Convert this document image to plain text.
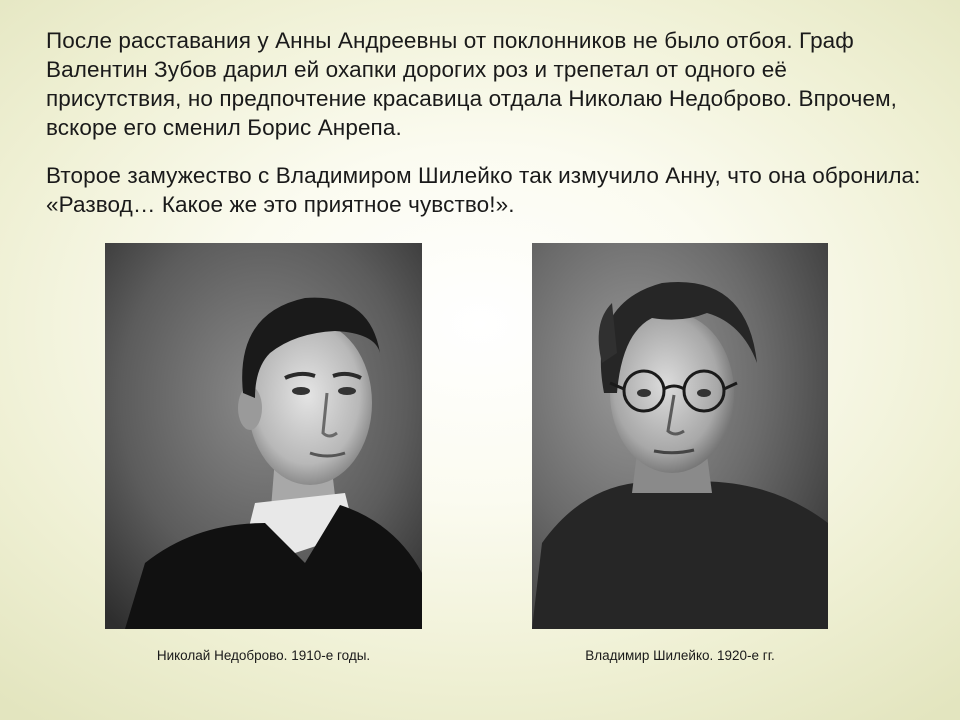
После расставания у Анны Андреевны от поклонников не было отбоя. Граф Валентин Зубов дарил ей охапки дорогих роз и трепетал от одного её присутствия, но предпочтение красавица отдала Николаю Недоброво. Впрочем, вскоре его сменил Борис Анрепа.

Второе замужество с Владимиром Шилейко так измучило Анну, что она обронила: «Развод… Какое же это приятное чувство!».

Николай Недоброво. 1910-е годы.	Владимир Шилейко. 1920-е гг.
